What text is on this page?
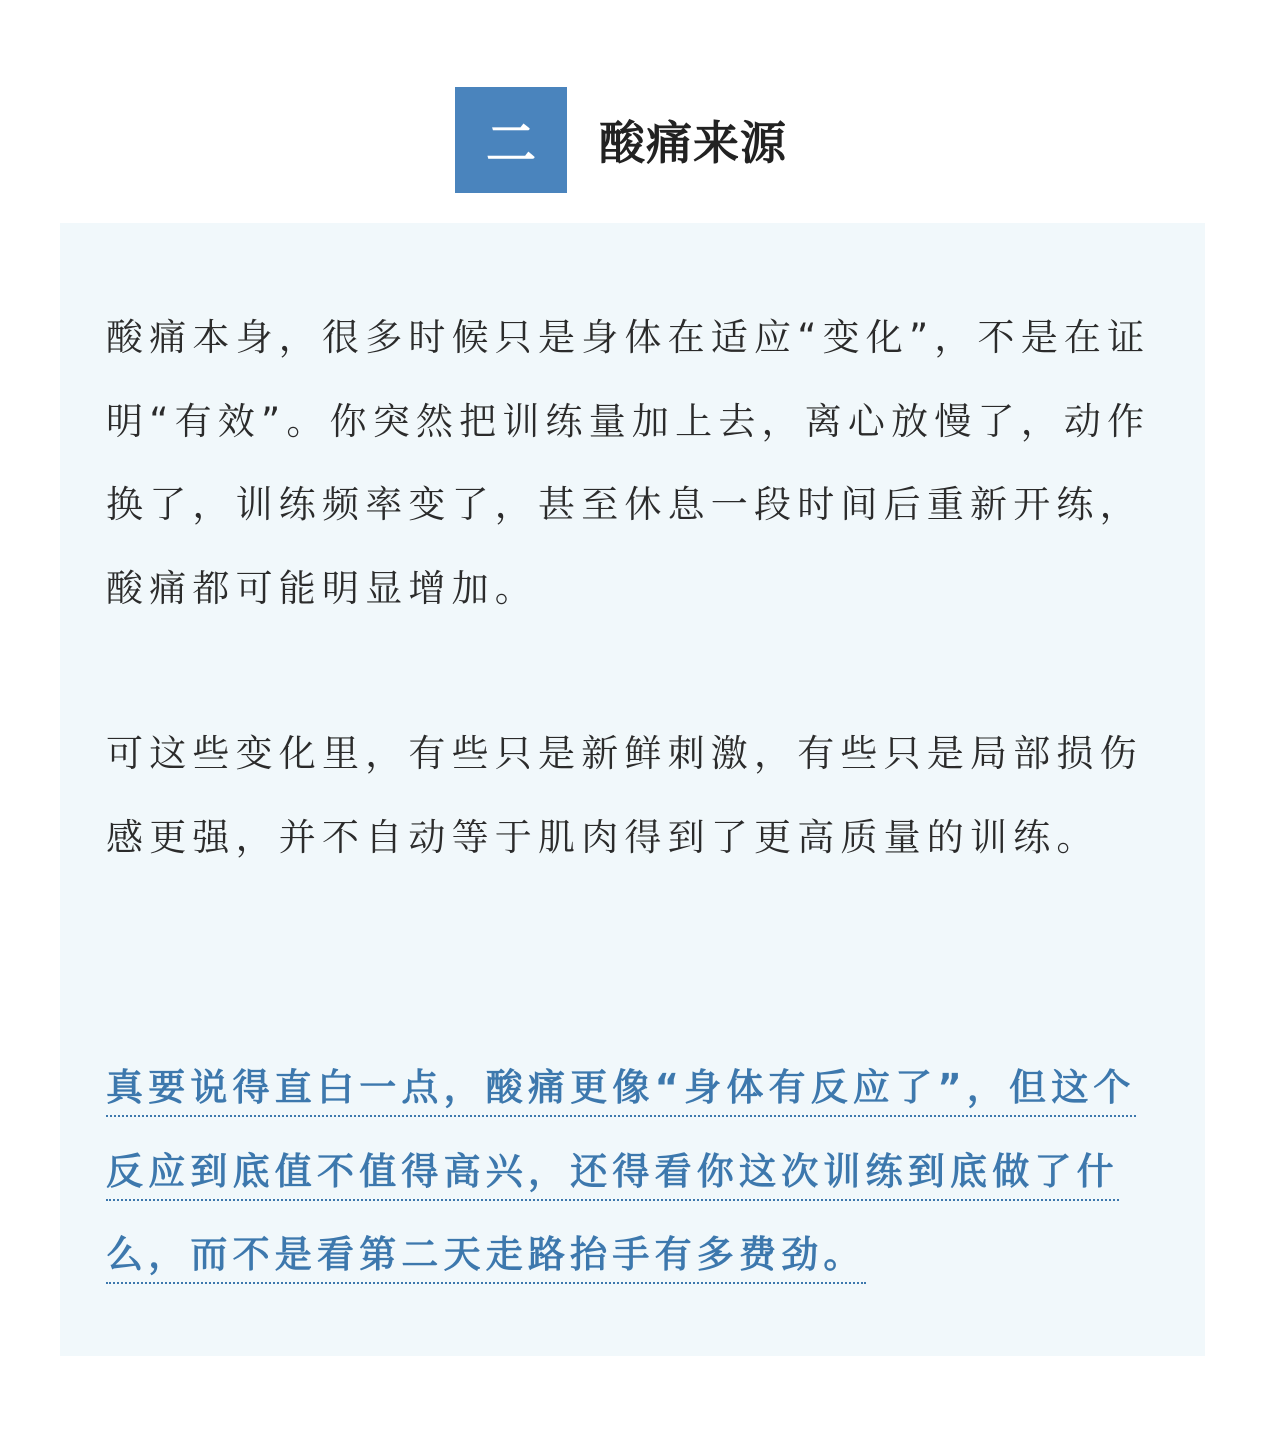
二	酸痛来源

酸痛本身，很多时候只是身体在适应“变化”，不是在证明“有效”。你突然把训练量加上去，离心放慢了，动作换了，训练频率变了，甚至休息一段时间后重新开练，酸痛都可能明显增加。

可这些变化里，有些只是新鲜刺激，有些只是局部损伤感更强，并不自动等于肌肉得到了更高质量的训练。

真要说得直白一点，酸痛更像“身体有反应了”，但这个反应到底值不值得高兴，还得看你这次训练到底做了什么，而不是看第二天走路抬手有多费劲。
